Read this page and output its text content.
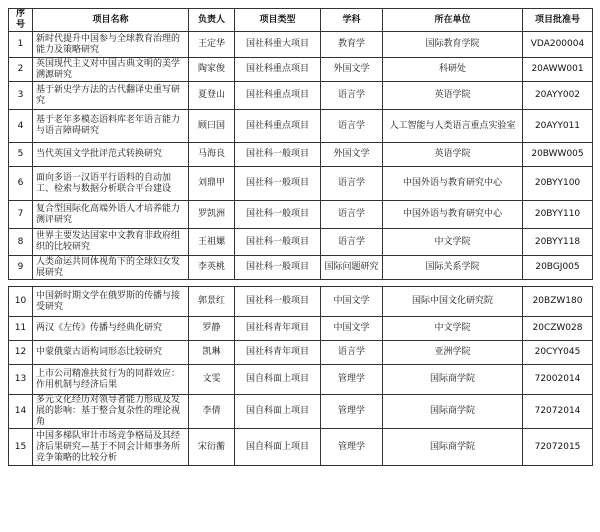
序号	项目名称	负责人	项目类型	学科	所在单位	项目批准号
1	新时代提升中国参与全球教育治理的能力及策略研究	王定华	国社科重大项目	教育学	国际教育学院	VDA200004
2	英国现代主义对中国古典文明的美学溯源研究	陶家俊	国社科重点项目	外国文学	科研处	20AWW001
3	基于新史学方法的古代翻译史重写研究	夏登山	国社科重点项目	语言学	英语学院	20AYY002
4	基于老年多模态语料库老年语言能力与语言障碍研究	顾曰国	国社科重点项目	语言学	人工智能与人类语言重点实验室	20AYY011
5	当代英国文学批评范式转换研究	马海良	国社科一般项目	外国文学	英语学院	20BWW005
6	面向多语一汉语平行语料的自动加工、检索与数据分析联合平台建设	刘鼎甲	国社科一般项目	语言学	中国外语与教育研究中心	20BYY100
7	复合型国际化高端外语人才培养能力测评研究	罗凯洲	国社科一般项目	语言学	中国外语与教育研究中心	20BYY110
8	世界主要发达国家中文教育非政府组织的比较研究	王祖嫘	国社科一般项目	语言学	中文学院	20BYY118
9	人类命运共同体视角下的全球妇女发展研究	李英桃	国社科一般项目	国际问题研究	国际关系学院	20BGJ005
10	中国新时期文学在俄罗斯的传播与接受研究	郭景红	国社科一般项目	中国文学	国际中国文化研究院	20BZW180
11	两汉《左传》传播与经典化研究	罗静	国社科青年项目	中国文学	中文学院	20CZW028
12	中蒙俄蒙古语构词形态比较研究	凯琳	国社科青年项目	语言学	亚洲学院	20CYY045
13	上市公司精准扶贫行为的同群效应：作用机制与经济后果	文雯	国自科面上项目	管理学	国际商学院	72002014
14	多元文化经历对领导者能力形成及发展的影响：基于整合复杂性的理论视角	李倩	国自科面上项目	管理学	国际商学院	72072014
15	中国多梯队审计市场竞争格局及其经济后果研究—基于不同会计师事务所竞争策略的比较分析	宋衍蘅	国自科面上项目	管理学	国际商学院	72072015
